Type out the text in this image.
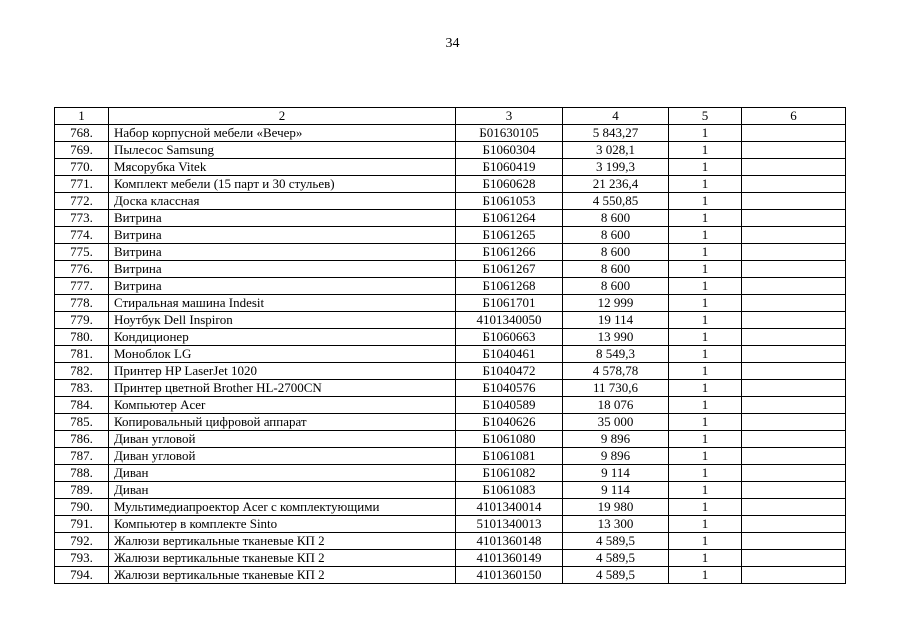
34
1	2	3	4	5	6
768.	Набор корпусной мебели «Вечер»	Б01630105	5 843,27	1	
769.	Пылесос Samsung	Б1060304	3 028,1	1	
770.	Мясорубка Vitek	Б1060419	3 199,3	1	
771.	Комплект мебели (15 парт и 30 стульев)	Б1060628	21 236,4	1	
772.	Доска классная	Б1061053	4 550,85	1	
773.	Витрина	Б1061264	8 600	1	
774.	Витрина	Б1061265	8 600	1	
775.	Витрина	Б1061266	8 600	1	
776.	Витрина	Б1061267	8 600	1	
777.	Витрина	Б1061268	8 600	1	
778.	Стиральная машина Indesit	Б1061701	12 999	1	
779.	Ноутбук Dell Inspiron	4101340050	19 114	1	
780.	Кондиционер	Б1060663	13 990	1	
781.	Моноблок LG	Б1040461	8 549,3	1	
782.	Принтер HP LaserJet 1020	Б1040472	4 578,78	1	
783.	Принтер цветной Brother HL-2700CN	Б1040576	11 730,6	1	
784.	Компьютер Acer	Б1040589	18 076	1	
785.	Копировальный цифровой аппарат	Б1040626	35 000	1	
786.	Диван угловой	Б1061080	9 896	1	
787.	Диван угловой	Б1061081	9 896	1	
788.	Диван	Б1061082	9 114	1	
789.	Диван	Б1061083	9 114	1	
790.	Мультимедиапроектор Acer с комплектующими	4101340014	19 980	1	
791.	Компьютер в комплекте Sinto	5101340013	13 300	1	
792.	Жалюзи вертикальные тканевые КП 2	4101360148	4 589,5	1	
793.	Жалюзи вертикальные тканевые КП 2	4101360149	4 589,5	1	
794.	Жалюзи вертикальные тканевые КП 2	4101360150	4 589,5	1	
